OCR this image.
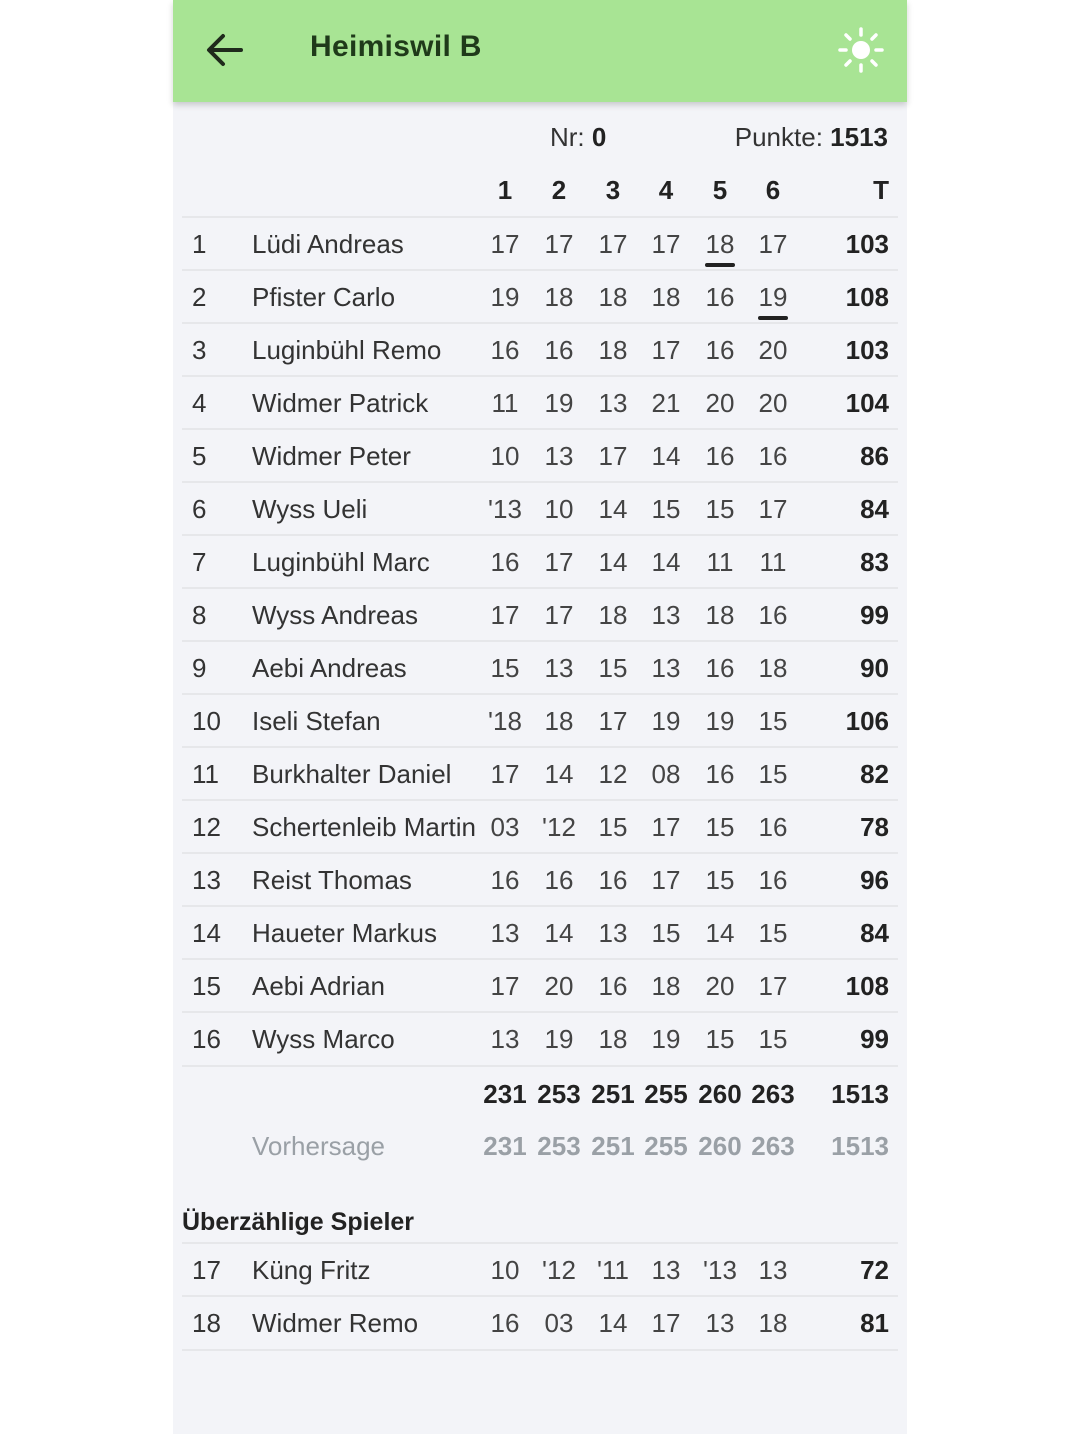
Heimiswil B
Nr: 0	Punkte: 1513
1	2	3	4	5	6	T
1 Lüdi Andreas	17 17 17 17 18 17	103
2 Pfister Carlo	19 18 18 18 16 19	108
3 Luginbühl Remo	16 16 18 17 16 20	103
4 Widmer Patrick	11	19 13 21 20 20	104
5 Widmer Peter	10 13 17 14 16 16	86
6 Wyss Ueli	'13 10 14 15 15 17	84
7 Luginbühl Marc	16 17 14 14	11	11	83
8 Wyss Andreas	17 17 18 13 18 16	99
9 Aebi Andreas	15 13 15 13 16 18	90
10 Iseli Stefan	'18 18 17 19 19 15	106
11 Burkhalter Daniel	17 14 12 08 16 15	82
12 Schertenleib Martin 03 '12 15 17 15 16	78
13 Reist Thomas	16 16 16 17 15 16	96
14 Haueter Markus	13 14 13 15 14 15	84
15 Aebi Adrian	17 20 16 18 20 17	108
16 Wyss Marco	13 19 18 19 15 15	99
231 253 251 255 260 263 1513
Vorhersage	231 253 251 255 260 263 1513
Überzählige Spieler
17 Küng Fritz	10 '12 '11 13 '13 13	72
18 Widmer Remo	16 03 14 17 13 18	81
